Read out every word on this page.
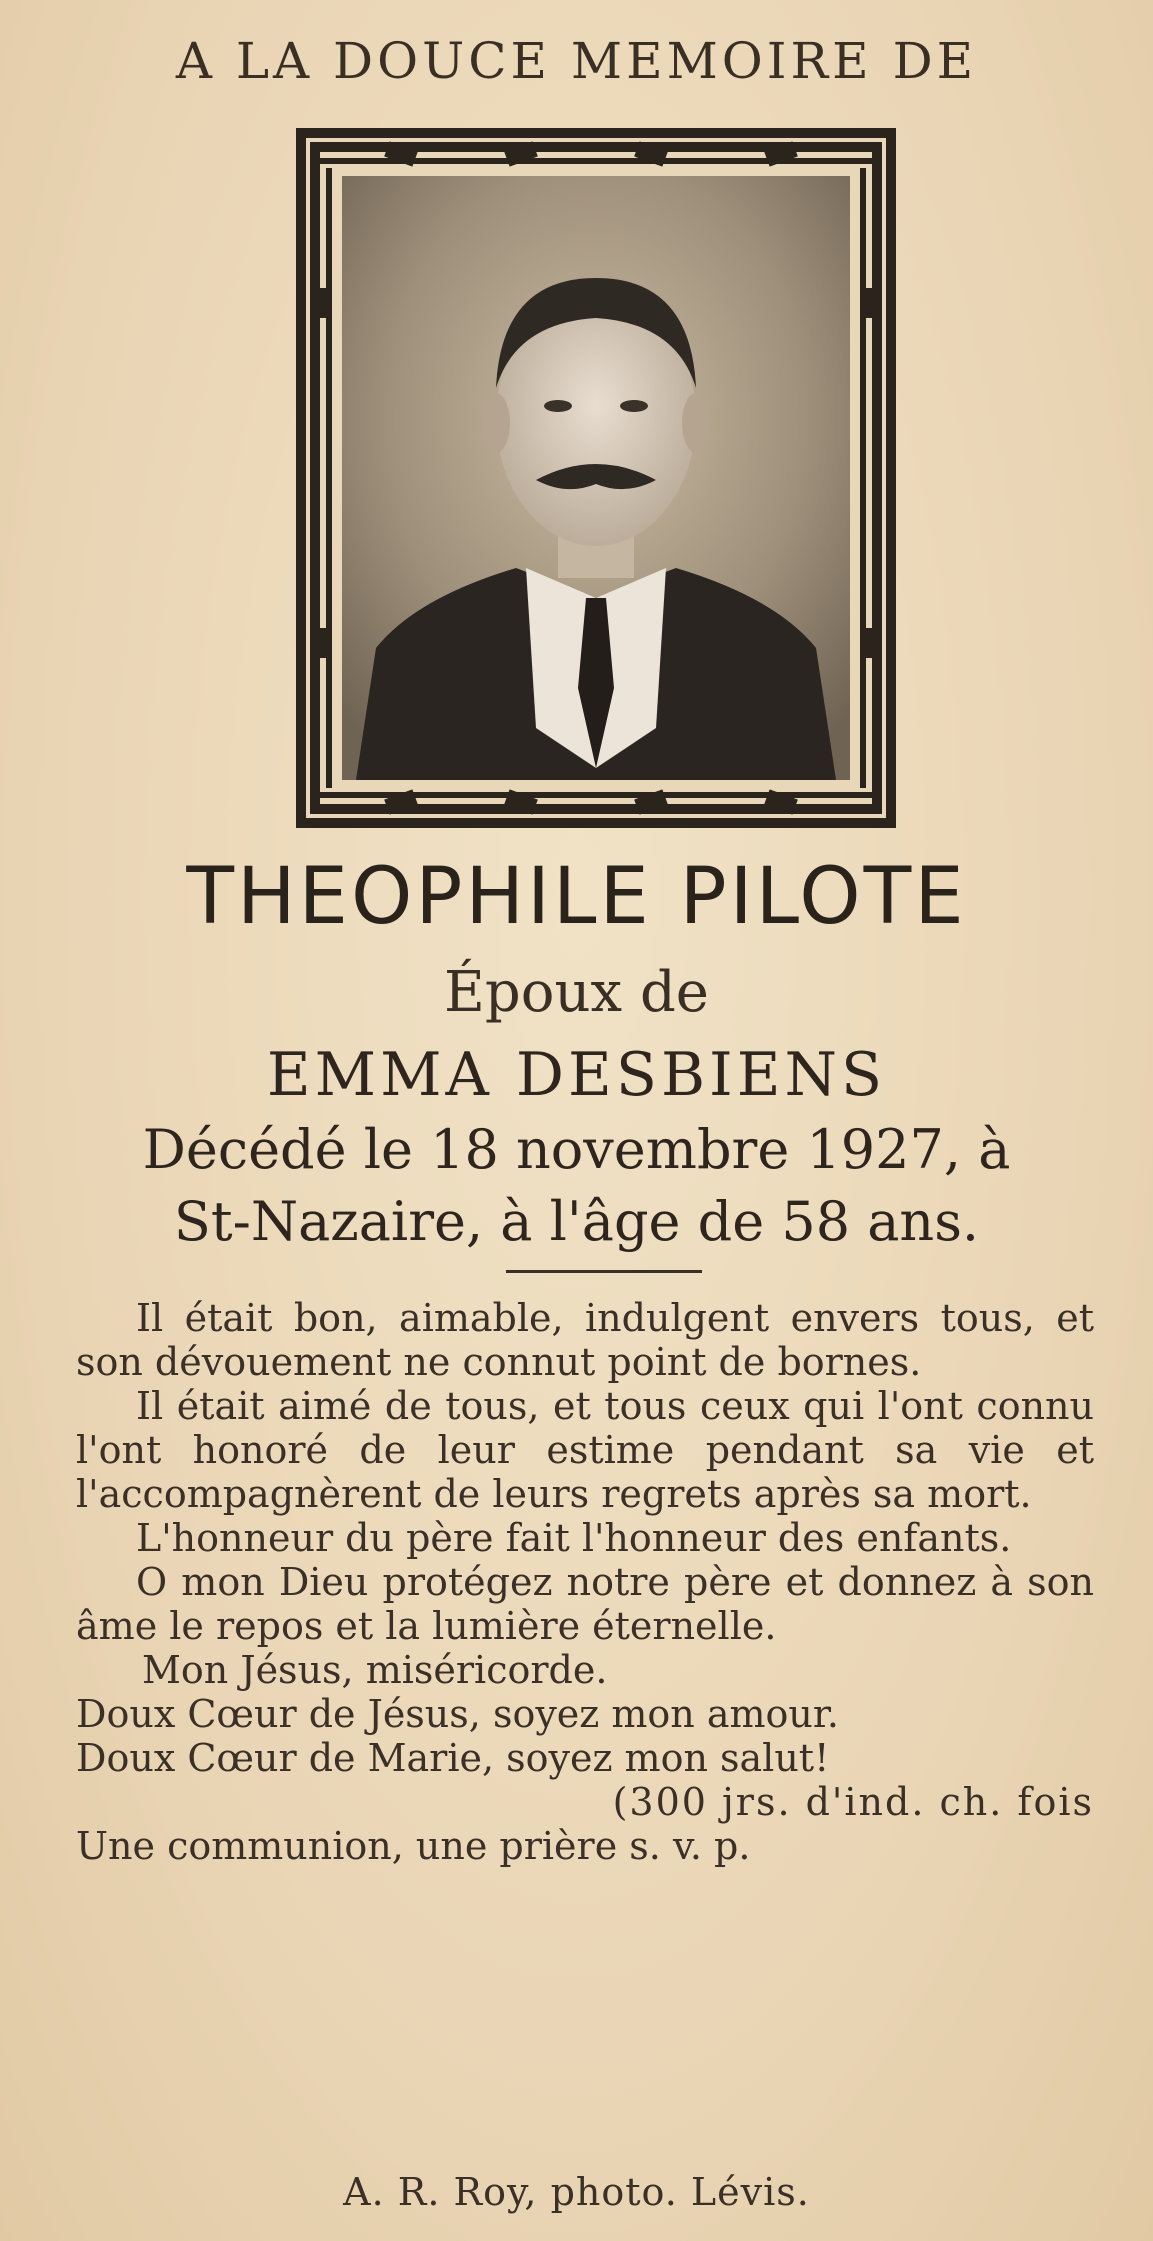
A LA DOUCE MEMOIRE DE
THEOPHILE PILOTE
Époux de
EMMA DESBIENS
Décédé le 18 novembre 1927, à
St-Nazaire, à l'âge de 58 ans.

Il était bon, aimable, indulgent envers tous, et son dévouement ne connut point de bornes.

Il était aimé de tous, et tous ceux qui l'ont connu l'ont honoré de leur estime pendant sa vie et l'accompagnèrent de leurs regrets après sa mort.

L'honneur du père fait l'honneur des enfants.

O mon Dieu protégez notre père et donnez à son âme le repos et la lumière éternelle.

Mon Jésus, miséricorde.

Doux Cœur de Jésus, soyez mon amour.

Doux Cœur de Marie, soyez mon salut!

(300 jrs. d'ind. ch. fois

Une communion, une prière s. v. p.

A. R. Roy, photo. Lévis.
